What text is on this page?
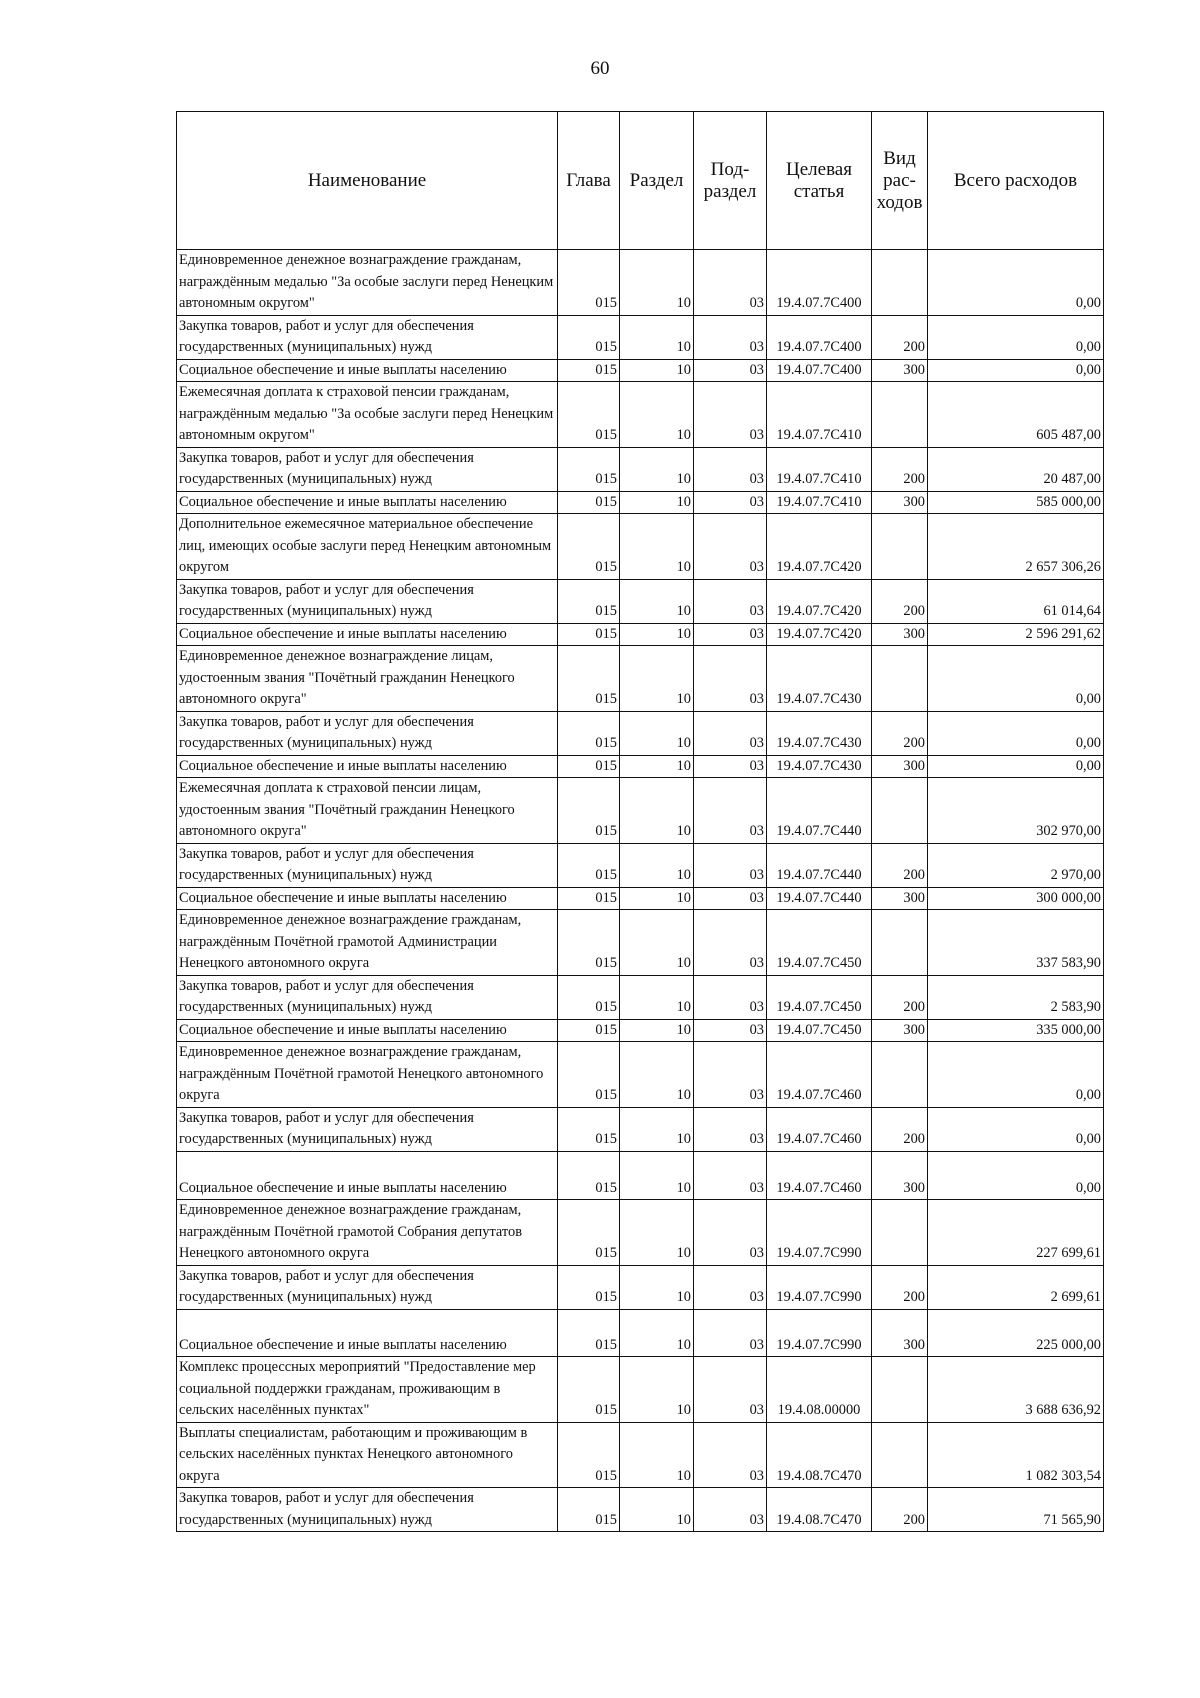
60
Наименование	Глава	Раздел	Под-раздел	Целевая статья	Вид рас-ходов	Всего расходов
Единовременное денежное вознаграждение гражданам, награждённым медалью "За особые заслуги перед Ненецким автономным округом"	015	10	03	19.4.07.7С400		0,00
Закупка товаров, работ и услуг для обеспечения государственных (муниципальных) нужд	015	10	03	19.4.07.7С400	200	0,00
Социальное обеспечение и иные выплаты населению	015	10	03	19.4.07.7С400	300	0,00
Ежемесячная доплата к страховой пенсии гражданам, награждённым медалью "За особые заслуги перед Ненецким автономным округом"	015	10	03	19.4.07.7С410		605 487,00
Закупка товаров, работ и услуг для обеспечения государственных (муниципальных) нужд	015	10	03	19.4.07.7С410	200	20 487,00
Социальное обеспечение и иные выплаты населению	015	10	03	19.4.07.7С410	300	585 000,00
Дополнительное ежемесячное материальное обеспечение лиц, имеющих особые заслуги перед Ненецким автономным округом	015	10	03	19.4.07.7С420		2 657 306,26
Закупка товаров, работ и услуг для обеспечения государственных (муниципальных) нужд	015	10	03	19.4.07.7С420	200	61 014,64
Социальное обеспечение и иные выплаты населению	015	10	03	19.4.07.7С420	300	2 596 291,62
Единовременное денежное вознаграждение лицам, удостоенным звания "Почётный гражданин Ненецкого автономного округа"	015	10	03	19.4.07.7С430		0,00
Закупка товаров, работ и услуг для обеспечения государственных (муниципальных) нужд	015	10	03	19.4.07.7С430	200	0,00
Социальное обеспечение и иные выплаты населению	015	10	03	19.4.07.7С430	300	0,00
Ежемесячная доплата к страховой пенсии лицам, удостоенным звания "Почётный гражданин Ненецкого автономного округа"	015	10	03	19.4.07.7С440		302 970,00
Закупка товаров, работ и услуг для обеспечения государственных (муниципальных) нужд	015	10	03	19.4.07.7С440	200	2 970,00
Социальное обеспечение и иные выплаты населению	015	10	03	19.4.07.7С440	300	300 000,00
Единовременное денежное вознаграждение гражданам, награждённым Почётной грамотой Администрации Ненецкого автономного округа	015	10	03	19.4.07.7С450		337 583,90
Закупка товаров, работ и услуг для обеспечения государственных (муниципальных) нужд	015	10	03	19.4.07.7С450	200	2 583,90
Социальное обеспечение и иные выплаты населению	015	10	03	19.4.07.7С450	300	335 000,00
Единовременное денежное вознаграждение гражданам, награждённым Почётной грамотой Ненецкого автономного округа	015	10	03	19.4.07.7С460		0,00
Закупка товаров, работ и услуг для обеспечения государственных (муниципальных) нужд	015	10	03	19.4.07.7С460	200	0,00
Социальное обеспечение и иные выплаты населению	015	10	03	19.4.07.7С460	300	0,00
Единовременное денежное вознаграждение гражданам, награждённым Почётной грамотой Собрания депутатов Ненецкого автономного округа	015	10	03	19.4.07.7С990		227 699,61
Закупка товаров, работ и услуг для обеспечения государственных (муниципальных) нужд	015	10	03	19.4.07.7С990	200	2 699,61
Социальное обеспечение и иные выплаты населению	015	10	03	19.4.07.7С990	300	225 000,00
Комплекс процессных мероприятий "Предоставление мер социальной поддержки гражданам, проживающим в сельских населённых пунктах"	015	10	03	19.4.08.00000		3 688 636,92
Выплаты специалистам, работающим и проживающим в сельских населённых пунктах Ненецкого автономного округа	015	10	03	19.4.08.7С470		1 082 303,54
Закупка товаров, работ и услуг для обеспечения государственных (муниципальных) нужд	015	10	03	19.4.08.7С470	200	71 565,90
